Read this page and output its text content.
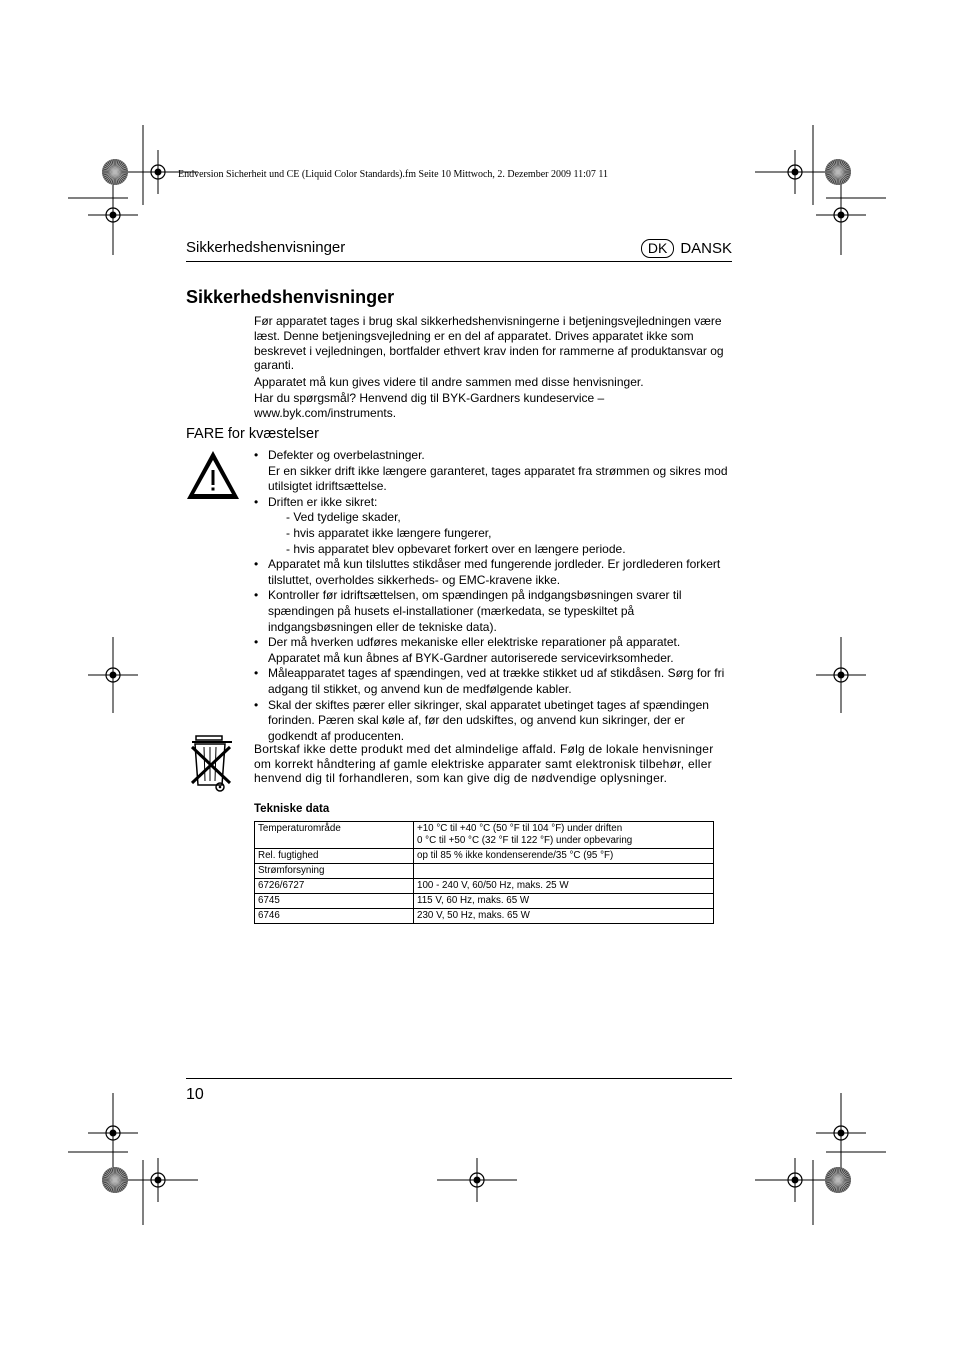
Endversion Sicherheit und CE (Liquid Color Standards).fm Seite 10 Mittwoch, 2. Dezember 2009 11:07 11
Sikkerhedshenvisninger	DK DANSK
Sikkerhedshenvisninger

Før apparatet tages i brug skal sikkerhedshenvisningerne i betjeningsvejledningen være læst. Denne betjeningsvejledning er en del af apparatet. Drives apparatet ikke som beskrevet i vejledningen, bortfalder ethvert krav inden for rammerne af produktansvar og garanti.

Apparatet må kun gives videre til andre sammen med disse henvisninger.

Har du spørgsmål? Henvend dig til BYK-Gardners kundeservice – www.byk.com/instruments.

FARE for kvæstelser
• Defekter og overbelastninger.
Er en sikker drift ikke længere garanteret, tages apparatet fra strømmen og sikres mod utilsigtet idriftsættelse.
• Driften er ikke sikret:
- Ved tydelige skader,
- hvis apparatet ikke længere fungerer,
- hvis apparatet blev opbevaret forkert over en længere periode.
• Apparatet må kun tilsluttes stikdåser med fungerende jordleder. Er jordlederen forkert tilsluttet, overholdes sikkerheds- og EMC-kravene ikke.
• Kontroller før idriftsættelsen, om spændingen på indgangsbøsningen svarer til spændingen på husets el-installationer (mærkedata, se typeskiltet på indgangsbøsningen eller de tekniske data).
• Der må hverken udføres mekaniske eller elektriske reparationer på apparatet. Apparatet må kun åbnes af BYK-Gardner autoriserede servicevirksomheder.
• Måleapparatet tages af spændingen, ved at trække stikket ud af stikdåsen. Sørg for fri adgang til stikket, og anvend kun de medfølgende kabler.
• Skal der skiftes pærer eller sikringer, skal apparatet ubetinget tages af spændingen forinden. Pæren skal køle af, før den udskiftes, og anvend kun sikringer, der er godkendt af producenten.
Bortskaf ikke dette produkt med det almindelige affald. Følg de lokale henvisninger om korrekt håndtering af gamle elektriske apparater samt elektronisk tilbehør, eller henvend dig til forhandleren, som kan give dig de nødvendige oplysninger.
Tekniske data
Temperaturområde	+10 °C til +40 °C (50 °F til 104 °F) under driften
0 °C til +50 °C (32 °F til 122 °F) under opbevaring

Rel. fugtighed	op til 85 % ikke kondenserende/35 °C (95 °F)
Strømforsyning	
6726/6727	100 - 240 V, 60/50 Hz, maks. 25 W
6745	115 V, 60 Hz, maks. 65 W
6746	230 V, 50 Hz, maks. 65 W
10
